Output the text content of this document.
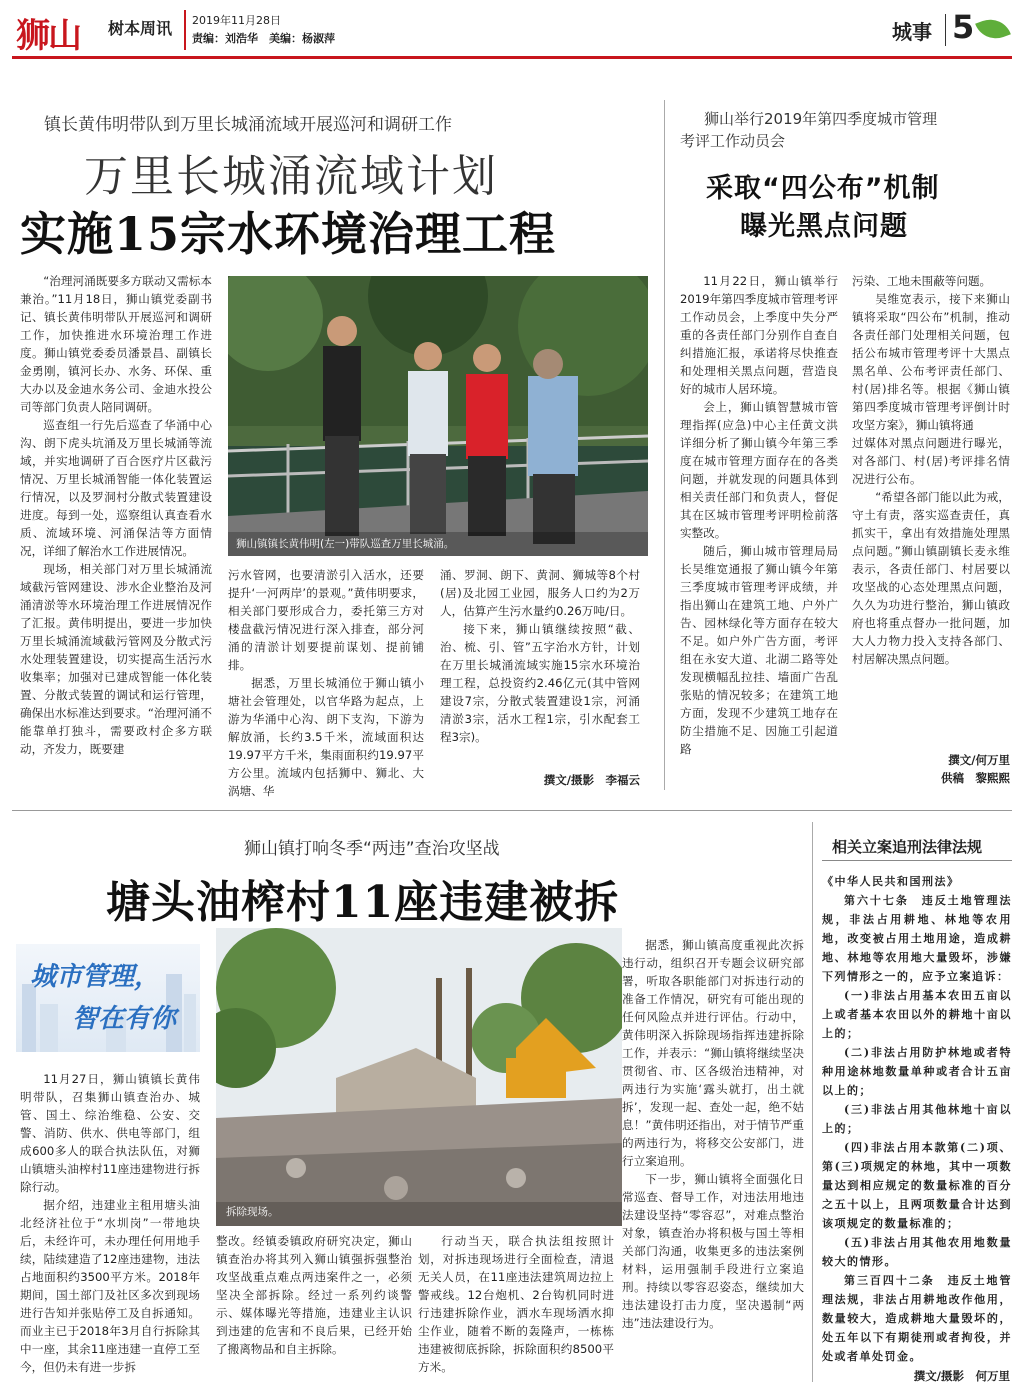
狮山 树本周讯 2019年11月28日
责编：刘浩华　美编：杨淑萍	城事 5
镇长黄伟明带队到万里长城涌流域开展巡河和调研工作
万里长城涌流域计划
实施15宗水环境治理工程

“治理河涌既要多方联动又需标本兼治。”11月18日，狮山镇党委副书记、镇长黄伟明带队开展巡河和调研工作，加快推进水环境治理工作进度。狮山镇党委委员潘景昌、副镇长金勇刚，镇河长办、水务、环保、重大办以及金迪水务公司、金迪水投公司等部门负责人陪同调研。

巡查组一行先后巡查了华涌中心沟、朗下虎头坑涌及万里长城涌等流域，并实地调研了百合医疗片区截污情况、万里长城涌智能一体化装置运行情况，以及罗洞村分散式装置建设进度。每到一处，巡察组认真查看水质、流域环境、河涌保洁等方面情况，详细了解治水工作进展情况。

现场，相关部门对万里长城涌流域截污管网建设、涉水企业整治及河涌清淤等水环境治理工作进展情况作了汇报。黄伟明提出，要进一步加快万里长城涌流域截污管网及分散式污水处理装置建设，切实提高生活污水收集率；加强对已建成智能一体化装置、分散式装置的调试和运行管理，确保出水标准达到要求。“治理河涌不能靠单打独斗，需要政村企多方联动，齐发力，既要建

狮山镇镇长黄伟明(左一)带队巡查万里长城涌。

污水管网，也要清淤引入活水，还要提升‘一河两岸’的景观。”黄伟明要求，相关部门要形成合力，委托第三方对楼盘截污情况进行深入排查，部分河涌的清淤计划要提前谋划、提前铺排。

据悉，万里长城涌位于狮山镇小塘社会管理处，以官华路为起点，上游为华涌中心沟、朗下支沟，下游为解放涌，长约3.5千米，流域面积达19.97平方千米，集雨面积约19.97平方公里。流域内包括狮中、狮北、大涡塘、华

涌、罗洞、朗下、黄洞、狮城等8个村(居)及北园工业园，服务人口约为2万人，估算产生污水量约0.26万吨/日。

接下来，狮山镇继续按照“截、治、梳、引、管”五字治水方针，计划在万里长城涌流域实施15宗水环境治理工程，总投资约2.46亿元(其中管网建设7宗，分散式装置建设1宗，河涌清淤3宗，活水工程1宗，引水配套工程3宗)。

撰文/摄影　李福云
狮山举行2019年第四季度城市管理
考评工作动员会
采取“四公布”机制
曝光黑点问题

11月22日，狮山镇举行2019年第四季度城市管理考评工作动员会，上季度中失分严重的各责任部门分别作自查自纠措施汇报，承诺将尽快推查和处理相关黑点问题，营造良好的城市人居环境。

会上，狮山镇智慧城市管理指挥(应急)中心主任黄文洪详细分析了狮山镇今年第三季度在城市管理方面存在的各类问题，并就发现的问题具体到相关责任部门和负责人，督促其在区城市管理考评明检前落实整改。

随后，狮山城市管理局局长吴维宽通报了狮山镇今年第三季度城市管理考评成绩，并指出狮山在建筑工地、户外广告、园林绿化等方面存在较大不足。如户外广告方面，考评组在永安大道、北湖二路等处发现横幅乱拉挂、墙面广告乱张贴的情况较多；在建筑工地方面，发现不少建筑工地存在防尘措施不足、因施工引起道路

污染、工地未围蔽等问题。

吴维宽表示，接下来狮山镇将采取“四公布”机制，推动各责任部门处理相关问题，包括公布城市管理考评十大黑点黑名单、公布考评责任部门、村(居)排名等。根据《狮山镇第四季度城市管理考评倒计时攻坚方案》，狮山镇将通

过媒体对黑点问题进行曝光，对各部门、村(居)考评排名情况进行公布。

“希望各部门能以此为戒，守土有责，落实巡查责任，真抓实干，拿出有效措施处理黑点问题。”狮山镇副镇长麦永维表示，各责任部门、村居要以攻坚战的心态处理黑点问题，久久为功进行整治，狮山镇政府也将重点督办一批问题，加大人力物力投入支持各部门、村居解决黑点问题。

撰文/何万里
供稿　黎熙熙
狮山镇打响冬季“两违”查治攻坚战
塘头油榨村11座违建被拆
城市管理，
智在有你

11月27日，狮山镇镇长黄伟明带队，召集狮山镇查治办、城管、国土、综治维稳、公安、交警、消防、供水、供电等部门，组成600多人的联合执法队伍，对狮山镇塘头油榨村11座违建物进行拆除行动。

据介绍，违建业主租用塘头油北经济社位于“水圳岗”一带地块后，未经许可，未办理任何用地手续，陆续建造了12座违建物，违法占地面积约3500平方米。2018年期间，国土部门及社区多次到现场进行告知并张贴停工及自拆通知。而业主已于2018年3月自行拆除其中一座，其余11座违建一直停工至今，但仍未有进一步拆

拆除现场。

整改。经镇委镇政府研究决定，狮山镇查治办将其列入狮山镇强拆强整治攻坚战重点难点两违案件之一，必须坚决全部拆除。经过一系列约谈警示、媒体曝光等措施，违建业主认识到违建的危害和不良后果，已经开始了搬离物品和自主拆除。

行动当天，联合执法组按照计划，对拆违现场进行全面检查，清退无关人员，在11座违法建筑周边拉上警戒线。12台炮机、2台钩机同时进行违建拆除作业，洒水车现场洒水抑尘作业，随着不断的轰隆声，一栋栋违建被彻底拆除，拆除面积约8500平方米。

据悉，狮山镇高度重视此次拆违行动，组织召开专题会议研究部署，听取各职能部门对拆违行动的准备工作情况，研究有可能出现的任何风险点并进行评估。行动中，黄伟明深入拆除现场指挥违建拆除工作，并表示：“狮山镇将继续坚决贯彻省、市、区各级治违精神，对两违行为实施‘露头就打，出土就拆’，发现一起、查处一起，绝不姑息！”黄伟明还指出，对于情节严重的两违行为，将移交公安部门，进行立案追刑。

下一步，狮山镇将全面强化日常巡查、督导工作，对违法用地违法建设坚持“零容忍”，对难点整治对象，镇查治办将积极与国土等相关部门沟通，收集更多的违法案例材料，运用强制手段进行立案追刑。持续以零容忍姿态，继续加大违法建设打击力度，坚决遏制“两违”违法建设行为。

相关立案追刑法律法规

《中华人民共和国刑法》

第六十七条　违反土地管理法规，非法占用耕地、林地等农用地，改变被占用土地用途，造成耕地、林地等农用地大量毁坏，涉嫌下列情形之一的，应予立案追诉：

(一)非法占用基本农田五亩以上或者基本农田以外的耕地十亩以上的；

(二)非法占用防护林地或者特种用途林地数量单种或者合计五亩以上的；

(三)非法占用其他林地十亩以上的；

(四)非法占用本款第(二)项、第(三)项规定的林地，其中一项数量达到相应规定的数量标准的百分之五十以上，且两项数量合计达到该项规定的数量标准的；

(五)非法占用其他农用地数量较大的情形。

第三百四十二条　违反土地管理法规，非法占用耕地改作他用，数量较大，造成耕地大量毁坏的，处五年以下有期徒刑或者拘役，并处或者单处罚金。

撰文/摄影　何万里
